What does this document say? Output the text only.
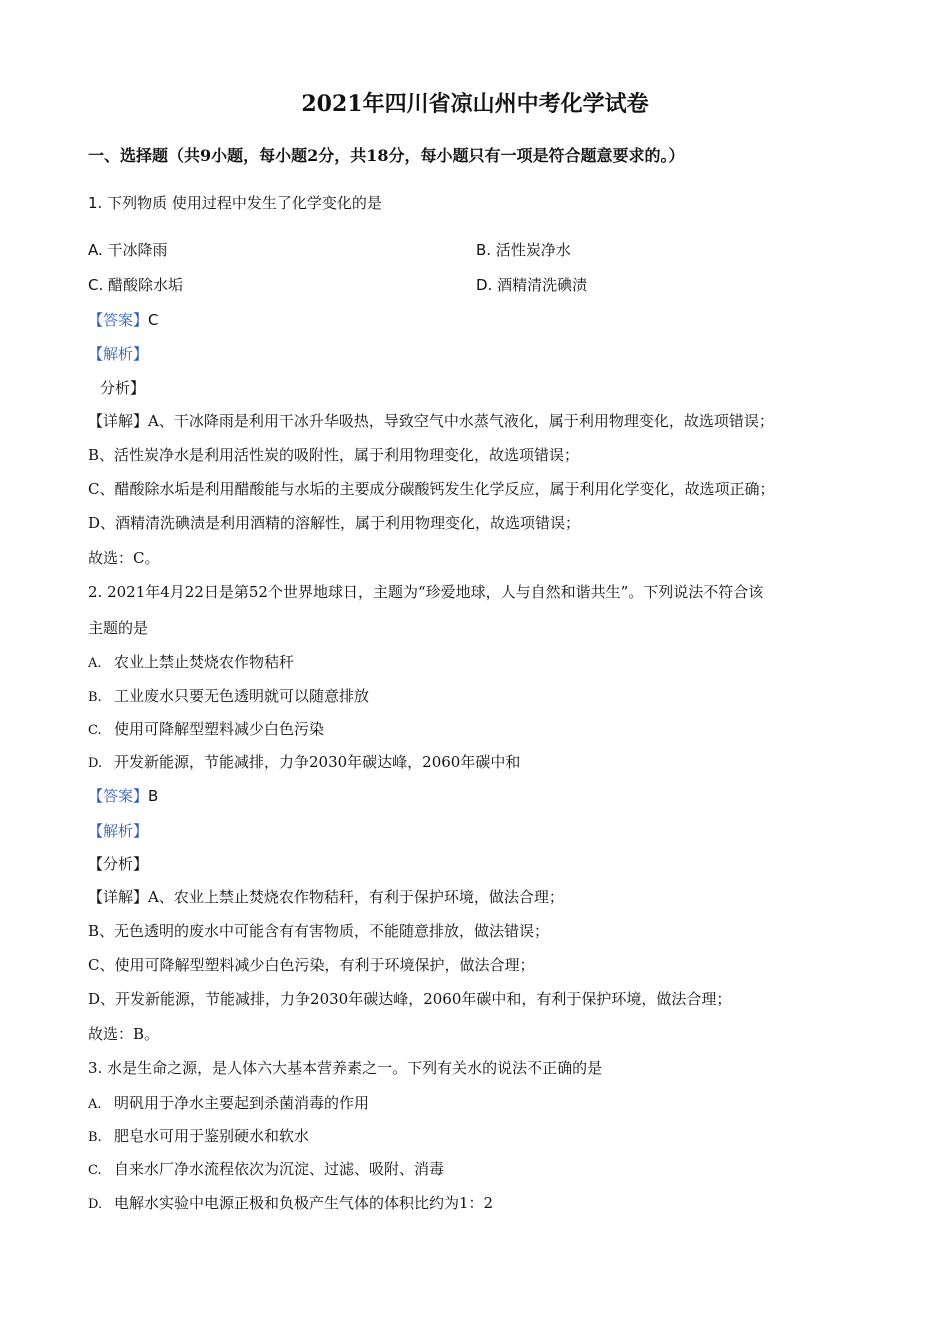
2021年四川省凉山州中考化学试卷
一、选择题（共9小题，每小题2分，共18分，每小题只有一项是符合题意要求的。）
1. 下列物质 使用过程中发生了化学变化的是
A. 干冰降雨	B. 活性炭净水
C. 醋酸除水垢	D. 酒精清洗碘渍
【答案】C
【解析】
分析】
【详解】A、干冰降雨是利用干冰升华吸热，导致空气中水蒸气液化，属于利用物理变化，故选项错误；
B、活性炭净水是利用活性炭的吸附性，属于利用物理变化，故选项错误；
C、醋酸除水垢是利用醋酸能与水垢的主要成分碳酸钙发生化学反应，属于利用化学变化，故选项正确；
D、酒精清洗碘渍是利用酒精的溶解性，属于利用物理变化，故选项错误；
故选：C。
2. 2021年4月22日是第52个世界地球日，主题为“珍爱地球，人与自然和谐共生”。下列说法不符合该
主题的是
A. 农业上禁止焚烧农作物秸秆
B. 工业废水只要无色透明就可以随意排放
C. 使用可降解型塑料减少白色污染
D. 开发新能源，节能减排，力争2030年碳达峰，2060年碳中和
【答案】B
【解析】
【分析】
【详解】A、农业上禁止焚烧农作物秸秆，有利于保护环境，做法合理；
B、无色透明的废水中可能含有有害物质，不能随意排放，做法错误；
C、使用可降解型塑料减少白色污染，有利于环境保护，做法合理；
D、开发新能源，节能减排，力争2030年碳达峰，2060年碳中和，有利于保护环境，做法合理；
故选：B。
3. 水是生命之源，是人体六大基本营养素之一。下列有关水的说法不正确的是
A. 明矾用于净水主要起到杀菌消毒的作用
B. 肥皂水可用于鉴别硬水和软水
C. 自来水厂净水流程依次为沉淀、过滤、吸附、消毒
D. 电解水实验中电源正极和负极产生气体的体积比约为1：2
